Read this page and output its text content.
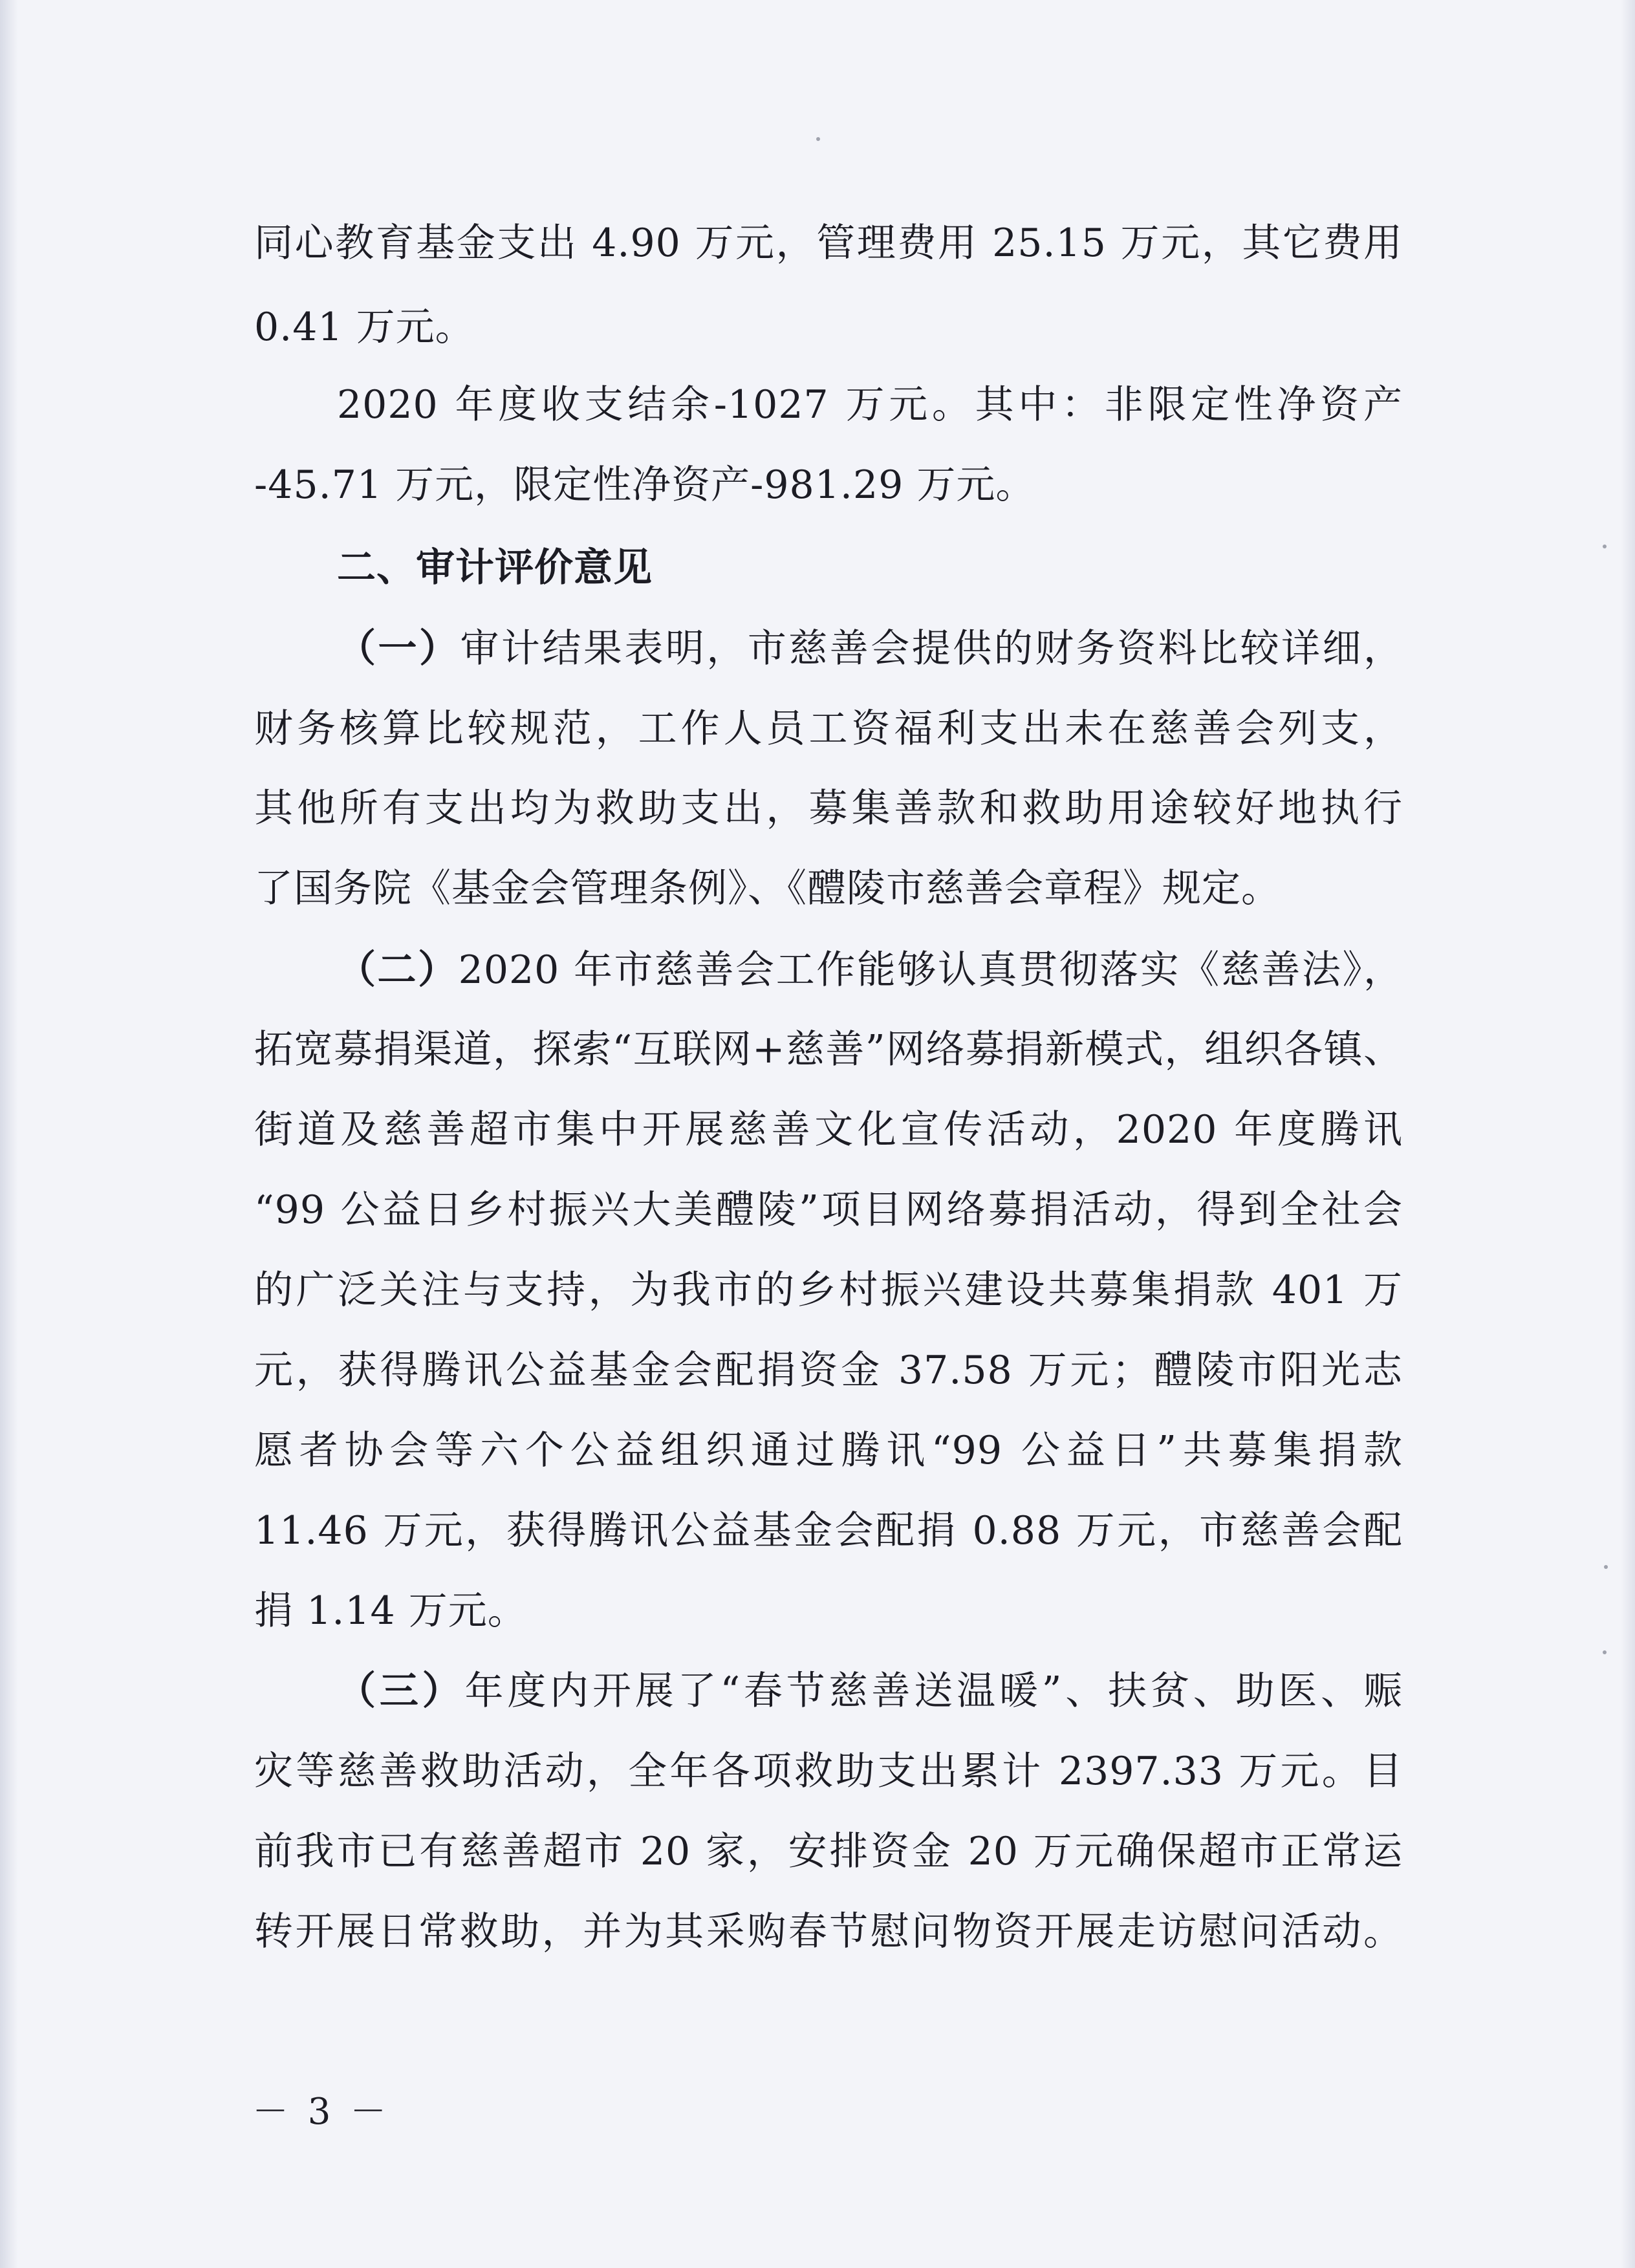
同心教育基金支出 4.90 万元，管理费用 25.15 万元，其它费用
0.41 万元。
2020 年度收支结余-1027 万元。其中：非限定性净资产
-45.71 万元，限定性净资产-981.29 万元。
二、审计评价意见
（一）审计结果表明，市慈善会提供的财务资料比较详细，
财务核算比较规范，工作人员工资福利支出未在慈善会列支，
其他所有支出均为救助支出，募集善款和救助用途较好地执行
了国务院《基金会管理条例》、《醴陵市慈善会章程》规定。
（二）2020 年市慈善会工作能够认真贯彻落实《慈善法》，
拓宽募捐渠道，探索“互联网+慈善”网络募捐新模式，组织各镇、
街道及慈善超市集中开展慈善文化宣传活动，2020 年度腾讯
“99 公益日乡村振兴大美醴陵”项目网络募捐活动，得到全社会
的广泛关注与支持，为我市的乡村振兴建设共募集捐款 401 万
元，获得腾讯公益基金会配捐资金 37.58 万元；醴陵市阳光志
愿者协会等六个公益组织通过腾讯“99 公益日”共募集捐款
11.46 万元，获得腾讯公益基金会配捐 0.88 万元，市慈善会配
捐 1.14 万元。
（三）年度内开展了“春节慈善送温暖”、扶贫、助医、赈
灾等慈善救助活动，全年各项救助支出累计 2397.33 万元。目
前我市已有慈善超市 20 家，安排资金 20 万元确保超市正常运
转开展日常救助，并为其采购春节慰问物资开展走访慰问活动。
－ 3 －
